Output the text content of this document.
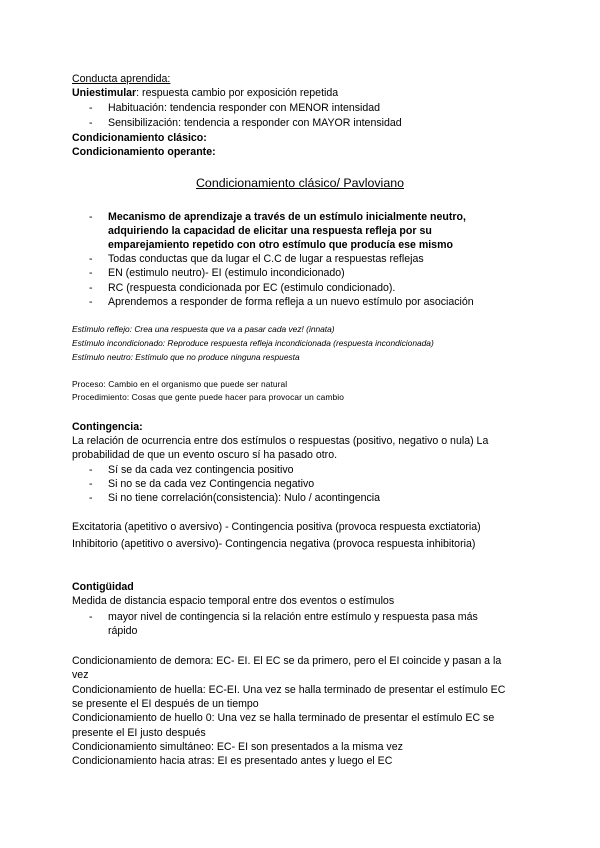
Conducta aprendida:
Uniestimular: respuesta cambio por exposición repetida
- Habituación: tendencia responder con MENOR intensidad
- Sensibilización: tendencia a responder con MAYOR intensidad
Condicionamiento clásico:
Condicionamiento operante:
Condicionamiento clásico/ Pavloviano
- Mecanismo de aprendizaje a través de un estímulo inicialmente neutro,
adquiriendo la capacidad de elicitar una respuesta refleja por su
emparejamiento repetido con otro estímulo que producía ese mismo
- Todas conductas que da lugar el C.C de lugar a respuestas reflejas
- EN (estimulo neutro)- EI (estimulo incondicionado)
- RC (respuesta condicionada por EC (estimulo condicionado).
- Aprendemos a responder de forma refleja a un nuevo estímulo por asociación
Estímulo reflejo: Crea una respuesta que va a pasar cada vez! (innata)
Estímulo incondicionado: Reproduce respuesta refleja incondicionada (respuesta incondicionada)
Estímulo neutro: Estímulo que no produce ninguna respuesta
Proceso: Cambio en el organismo que puede ser natural
Procedimiento: Cosas que gente puede hacer para provocar un cambio
Contingencia:
La relación de ocurrencia entre dos estímulos o respuestas (positivo, negativo o nula) La
probabilidad de que un evento oscuro sí ha pasado otro.
- Sí se da cada vez contingencia positivo
- Si no se da cada vez Contingencia negativo
- Si no tiene correlación(consistencia): Nulo / acontingencia
Excitatoria (apetitivo o aversivo) - Contingencia positiva (provoca respuesta exctiatoria)
Inhibitorio (apetitivo o aversivo)- Contingencia negativa (provoca respuesta inhibitoria)
Contigüidad
Medida de distancia espacio temporal entre dos eventos o estímulos
- mayor nivel de contingencia si la relación entre estímulo y respuesta pasa más
rápido
Condicionamiento de demora: EC- EI. El EC se da primero, pero el EI coincide y pasan a la
vez
Condicionamiento de huella: EC-EI. Una vez se halla terminado de presentar el estímulo EC
se presente el EI después de un tiempo
Condicionamiento de huello 0: Una vez se halla terminado de presentar el estímulo EC se
presente el EI justo después
Condicionamiento simultáneo: EC- EI son presentados a la misma vez
Condicionamiento hacia atras: EI es presentado antes y luego el EC
